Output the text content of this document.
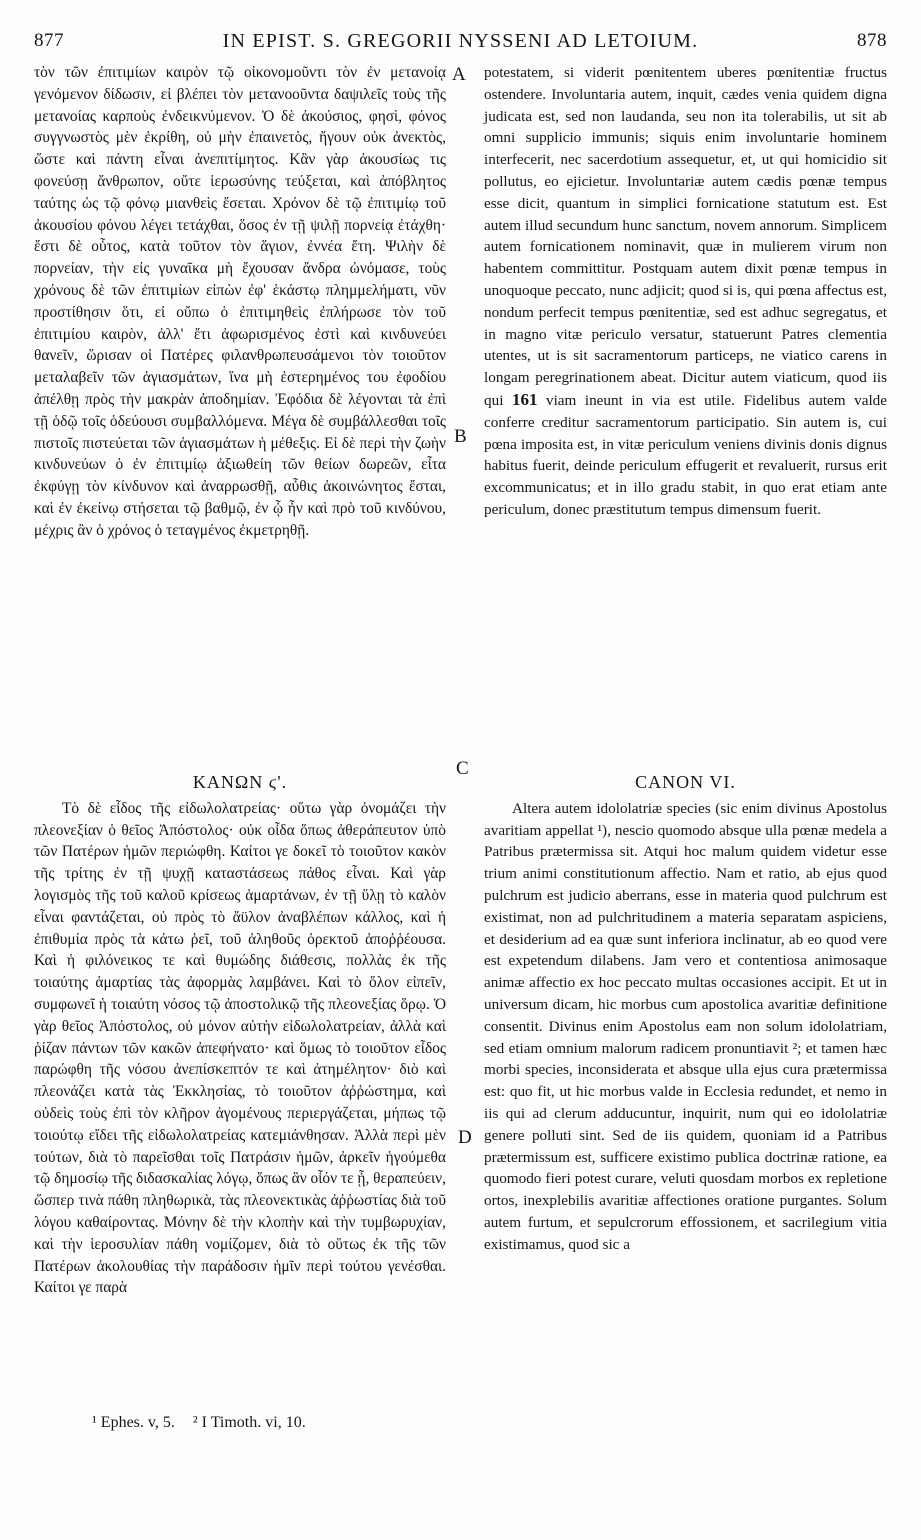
877	IN EPIST. S. GREGORII NYSSENI AD LETOIUM.	878
A
B
C
D

τὸν τῶν ἐπιτιμίων καιρὸν τῷ οἰκονομοῦντι τὸν ἐν μετανοίᾳ γενόμενον δίδωσιν, εἰ βλέπει τὸν μετανοοῦντα δαψιλεῖς τοὺς τῆς μετανοίας καρποὺς ἐνδεικνύμενον. Ὁ δὲ ἀκούσιος, φησὶ, φόνος συγγνωστὸς μὲν ἐκρίθη, οὐ μὴν ἐπαινετὸς, ἤγουν οὐκ ἀνεκτὸς, ὥστε καὶ πάντη εἶναι ἀνεπιτίμητος. Κἂν γὰρ ἀκουσίως τις φονεύσῃ ἄνθρωπον, οὔτε ἱερωσύνης τεύξεται, καὶ ἀπόβλητος ταύτης ὡς τῷ φόνῳ μιανθεὶς ἔσεται. Χρόνον δὲ τῷ ἐπιτιμίῳ τοῦ ἀκουσίου φόνου λέγει τετάχθαι, ὅσος ἐν τῇ ψιλῇ πορνείᾳ ἐτάχθη· ἔστι δὲ οὗτος, κατὰ τοῦτον τὸν ἅγιον, ἐννέα ἔτη. Ψιλὴν δὲ πορνείαν, τὴν εἰς γυναῖκα μὴ ἔχουσαν ἄνδρα ὠνόμασε, τοὺς χρόνους δὲ τῶν ἐπιτιμίων εἰπὼν ἐφ' ἑκάστῳ πλημμελήματι, νῦν προστίθησιν ὅτι, εἰ οὔπω ὁ ἐπιτιμηθεὶς ἐπλήρωσε τὸν τοῦ ἐπιτιμίου καιρὸν, ἀλλ' ἔτι ἀφωρισμένος ἐστὶ καὶ κινδυνεύει θανεῖν, ὥρισαν οἱ Πατέρες φιλανθρωπευσάμενοι τὸν τοιοῦτον μεταλαβεῖν τῶν ἁγιασμάτων, ἵνα μὴ ἐστερημένος του ἐφοδίου ἀπέλθῃ πρὸς τὴν μακρὰν ἀποδημίαν. Ἐφόδια δὲ λέγονται τὰ ἐπὶ τῇ ὁδῷ τοῖς ὁδεύουσι συμβαλλόμενα. Μέγα δὲ συμβάλλεσθαι τοῖς πιστοῖς πιστεύεται τῶν ἁγιασμάτων ἡ μέθεξις. Εἰ δὲ περὶ τὴν ζωὴν κινδυνεύων ὁ ἐν ἐπιτιμίῳ ἀξιωθείη τῶν θείων δωρεῶν, εἶτα ἐκφύγῃ τὸν κίνδυνον καὶ ἀναρρωσθῇ, αὖθις ἀκοινώνητος ἔσται, καὶ ἐν ἐκείνῳ στήσεται τῷ βαθμῷ, ἐν ᾧ ἦν καὶ πρὸ τοῦ κινδύνου, μέχρις ἂν ὁ χρόνος ὁ τεταγμένος ἐκμετρηθῇ.

potestatem, si viderit pœnitentem uberes pœnitentiæ fructus ostendere. Involuntaria autem, inquit, cædes venia quidem digna judicata est, sed non laudanda, seu non ita tolerabilis, ut sit ab omni supplicio immunis; siquis enim involuntarie hominem interfecerit, nec sacerdotium assequetur, et, ut qui homicidio sit pollutus, eo ejicietur. Involuntariæ autem cædis pœnæ tempus esse dicit, quantum in simplici fornicatione statutum est. Est autem illud secundum hunc sanctum, novem annorum. Simplicem autem fornicationem nominavit, quæ in mulierem virum non habentem committitur. Postquam autem dixit pœnæ tempus in unoquoque peccato, nunc adjicit; quod si is, qui pœna affectus est, nondum perfecit tempus pœnitentiæ, sed est adhuc segregatus, et in magno vitæ periculo versatur, statuerunt Patres clementia utentes, ut is sit sacramentorum particeps, ne viatico carens in longam peregrinationem abeat. Dicitur autem viaticum, quod iis qui 161 viam ineunt in via est utile. Fidelibus autem valde conferre creditur sacramentorum participatio. Sin autem is, cui pœna imposita est, in vitæ periculum veniens divinis donis dignus habitus fuerit, deinde periculum effugerit et revaluerit, rursus erit excommunicatus; et in illo gradu stabit, in quo erat etiam ante periculum, donec præstitutum tempus dimensum fuerit.

ΚΑΝΩΝ ϛ'.

Τὸ δὲ εἶδος τῆς εἰδωλολατρείας· οὕτω γὰρ ὀνομάζει τὴν πλεονεξίαν ὁ θεῖος Ἀπόστολος· οὐκ οἶδα ὅπως ἀθεράπευτον ὑπὸ τῶν Πατέρων ἡμῶν περιώφθη. Καίτοι γε δοκεῖ τὸ τοιοῦτον κακὸν τῆς τρίτης ἐν τῇ ψυχῇ καταστάσεως πάθος εἶναι. Καὶ γὰρ λογισμὸς τῆς τοῦ καλοῦ κρίσεως ἁμαρτάνων, ἐν τῇ ὕλῃ τὸ καλὸν εἶναι φαντάζεται, οὐ πρὸς τὸ ἄϋλον ἀναβλέπων κάλλος, καὶ ἡ ἐπιθυμία πρὸς τὰ κάτω ῥεῖ, τοῦ ἀληθοῦς ὀρεκτοῦ ἀποῤῥέουσα. Καὶ ἡ φιλόνεικος τε καὶ θυμώδης διάθεσις, πολλὰς ἐκ τῆς τοιαύτης ἁμαρτίας τὰς ἀφορμὰς λαμβάνει. Καὶ τὸ ὅλον εἰπεῖν, συμφωνεῖ ἡ τοιαύτη νόσος τῷ ἀποστολικῷ τῆς πλεονεξίας ὅρῳ. Ὁ γὰρ θεῖος Ἀπόστολος, οὐ μόνον αὐτὴν εἰδωλολατρείαν, ἀλλὰ καὶ ῥίζαν πάντων τῶν κακῶν ἀπεφήνατο· καὶ ὅμως τὸ τοιοῦτον εἶδος παρώφθη τῆς νόσου ἀνεπίσκεπτόν τε καὶ ἀτημέλητον· διὸ καὶ πλεονάζει κατὰ τὰς Ἐκκλησίας, τὸ τοιοῦτον ἀῤῥώστημα, καὶ οὐδεὶς τοὺς ἐπὶ τὸν κλῆρον ἀγομένους περιεργάζεται, μήπως τῷ τοιούτῳ εἴδει τῆς εἰδωλολατρείας κατεμιάνθησαν. Ἀλλὰ περὶ μὲν τούτων, διὰ τὸ παρεῖσθαι τοῖς Πατράσιν ἡμῶν, ἀρκεῖν ἡγούμεθα τῷ δημοσίῳ τῆς διδασκαλίας λόγῳ, ὅπως ἂν οἷόν τε ᾖ, θεραπεύειν, ὥσπερ τινὰ πάθη πληθωρικὰ, τὰς πλεονεκτικὰς ἀῤῥωστίας διὰ τοῦ λόγου καθαίροντας. Μόνην δὲ τὴν κλοπὴν καὶ τὴν τυμβωρυχίαν, καὶ τὴν ἱεροσυλίαν πάθη νομίζομεν, διὰ τὸ οὕτως ἐκ τῆς τῶν Πατέρων ἀκολουθίας τὴν παράδοσιν ἡμῖν περὶ τούτου γενέσθαι. Καίτοι γε παρὰ

CANON VI.

Altera autem idololatriæ species (sic enim divinus Apostolus avaritiam appellat ¹), nescio quomodo absque ulla pœnæ medela a Patribus prætermissa sit. Atqui hoc malum quidem videtur esse trium animi constitutionum affectio. Nam et ratio, ab ejus quod pulchrum est judicio aberrans, esse in materia quod pulchrum est existimat, non ad pulchritudinem a materia separatam aspiciens, et desiderium ad ea quæ sunt inferiora inclinatur, ab eo quod vere est expetendum dilabens. Jam vero et contentiosa animosaque animæ affectio ex hoc peccato multas occasiones accipit. Et ut in universum dicam, hic morbus cum apostolica avaritiæ definitione consentit. Divinus enim Apostolus eam non solum idololatriam, sed etiam omnium malorum radicem pronuntiavit ²; et tamen hæc morbi species, inconsiderata et absque ulla ejus cura prætermissa est: quo fit, ut hic morbus valde in Ecclesia redundet, et nemo in iis qui ad clerum adducuntur, inquirit, num qui eo idololatriæ genere polluti sint. Sed de iis quidem, quoniam id a Patribus prætermissum est, sufficere existimo publica doctrinæ ratione, ea quomodo fieri potest curare, veluti quosdam morbos ex repletione ortos, inexplebilis avaritiæ affectiones oratione purgantes. Solum autem furtum, et sepulcrorum effossionem, et sacrilegium vitia existimamus, quod sic a

¹ Ephes. v, 5. ² I Timoth. vi, 10.
